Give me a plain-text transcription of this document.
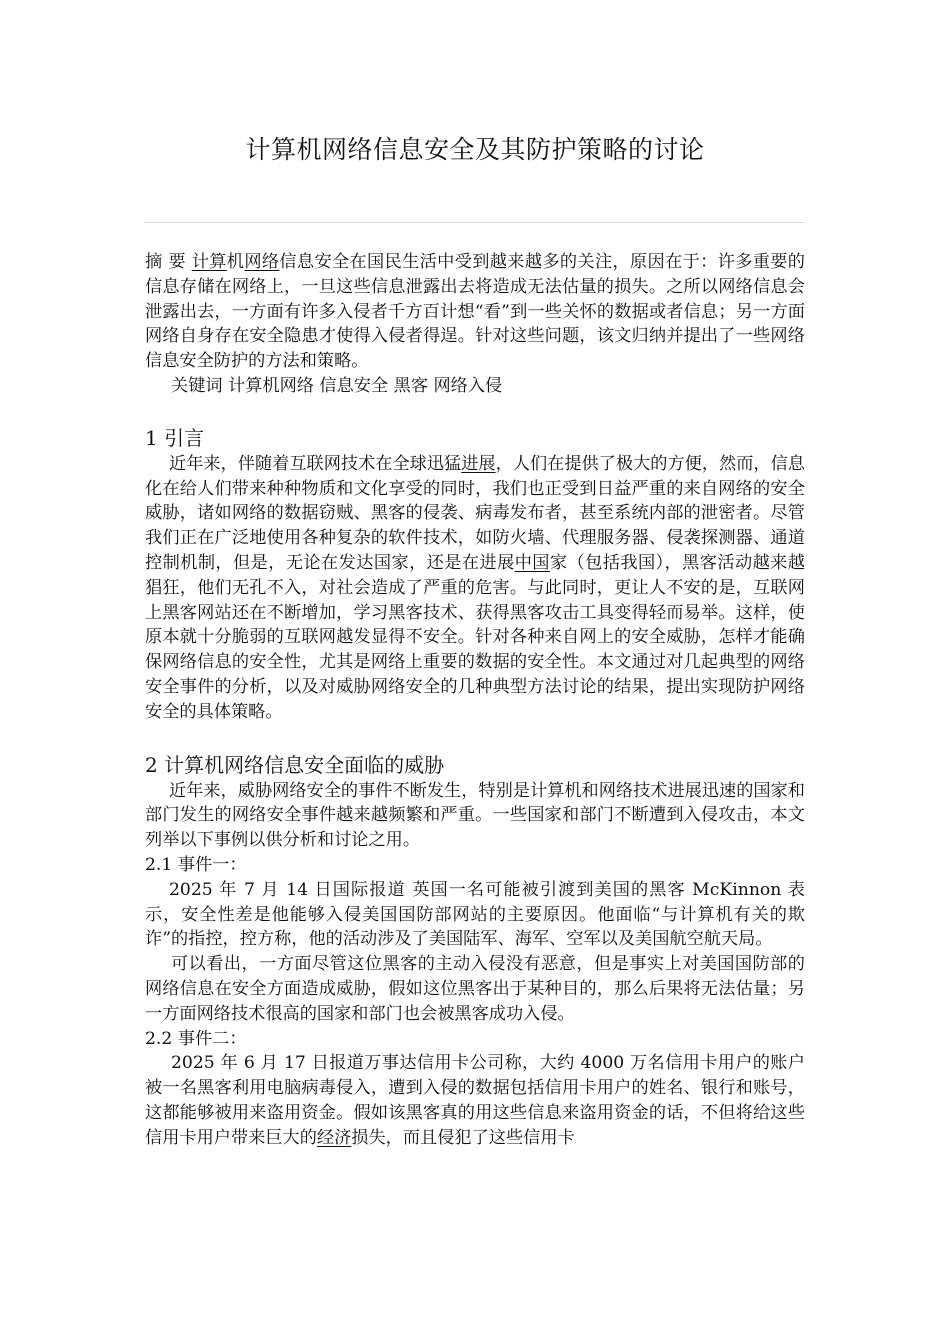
计算机网络信息安全及其防护策略的讨论

摘 要 计算机网络信息安全在国民生活中受到越来越多的关注，原因在于：许多重要的信息存储在网络上，一旦这些信息泄露出去将造成无法估量的损失。之所以网络信息会泄露出去，一方面有许多入侵者千方百计想“看”到一些关怀的数据或者信息；另一方面网络自身存在安全隐患才使得入侵者得逞。针对这些问题，该文归纳并提出了一些网络信息安全防护的方法和策略。

关键词 计算机网络 信息安全 黑客 网络入侵

1 引言

近年来，伴随着互联网技术在全球迅猛进展，人们在提供了极大的方便，然而，信息化在给人们带来种种物质和文化享受的同时，我们也正受到日益严重的来自网络的安全威胁，诸如网络的数据窃贼、黑客的侵袭、病毒发布者，甚至系统内部的泄密者。尽管我们正在广泛地使用各种复杂的软件技术，如防火墙、代理服务器、侵袭探测器、通道控制机制，但是，无论在发达国家，还是在进展中国家（包括我国），黑客活动越来越猖狂，他们无孔不入，对社会造成了严重的危害。与此同时，更让人不安的是，互联网上黑客网站还在不断增加，学习黑客技术、获得黑客攻击工具变得轻而易举。这样，使原本就十分脆弱的互联网越发显得不安全。针对各种来自网上的安全威胁，怎样才能确保网络信息的安全性，尤其是网络上重要的数据的安全性。本文通过对几起典型的网络安全事件的分析，以及对威胁网络安全的几种典型方法讨论的结果，提出实现防护网络安全的具体策略。

2 计算机网络信息安全面临的威胁

近年来，威胁网络安全的事件不断发生，特别是计算机和网络技术进展迅速的国家和部门发生的网络安全事件越来越频繁和严重。一些国家和部门不断遭到入侵攻击，本文列举以下事例以供分析和讨论之用。

2.1 事件一：

2025 年 7 月 14 日国际报道 英国一名可能被引渡到美国的黑客 McKinnon 表示，安全性差是他能够入侵美国国防部网站的主要原因。他面临“与计算机有关的欺诈”的指控，控方称，他的活动涉及了美国陆军、海军、空军以及美国航空航天局。

可以看出，一方面尽管这位黑客的主动入侵没有恶意，但是事实上对美国国防部的网络信息在安全方面造成威胁，假如这位黑客出于某种目的，那么后果将无法估量；另一方面网络技术很高的国家和部门也会被黑客成功入侵。

2.2 事件二：

2025 年 6 月 17 日报道万事达信用卡公司称，大约 4000 万名信用卡用户的账户被一名黑客利用电脑病毒侵入，遭到入侵的数据包括信用卡用户的姓名、银行和账号，这都能够被用来盗用资金。假如该黑客真的用这些信息来盗用资金的话，不但将给这些信用卡用户带来巨大的经济损失，而且侵犯了这些信用卡
